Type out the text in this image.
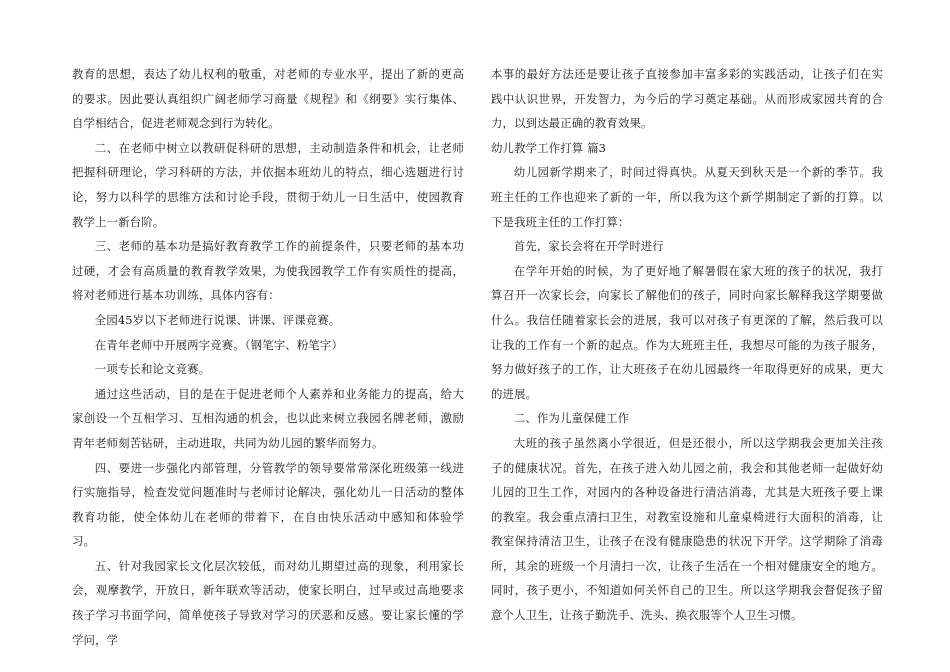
教育的思想，表达了幼儿权利的敬重，对老师的专业水平，提出了新的更高的要求。因此要认真组织广阔老师学习商量《规程》和《纲要》实行集体、自学相结合，促进老师观念到行为转化。

二、在老师中树立以教研促科研的思想，主动制造条件和机会，让老师把握科研理论，学习科研的方法，并依据本班幼儿的特点，细心选题进行讨论，努力以科学的思维方法和讨论手段，贯彻于幼儿一日生活中，使园教育教学上一新台阶。

三、老师的基本功是搞好教育教学工作的前提条件，只要老师的基本功过硬，才会有高质量的教育教学效果，为使我园教学工作有实质性的提高，将对老师进行基本功训练，具体内容有：

全园45岁以下老师进行说课、讲课、评课竞赛。

在青年老师中开展两字竞赛。（钢笔字、粉笔字）

一项专长和论文竞赛。

通过这些活动，目的是在于促进老师个人素养和业务能力的提高，给大家创设一个互相学习、互相沟通的机会，也以此来树立我园名牌老师，激励青年老师刻苦钻研，主动进取，共同为幼儿园的繁华而努力。

四、要进一步强化内部管理，分管教学的领导要常常深化班级第一线进行实施指导，检查发觉问题准时与老师讨论解决，强化幼儿一日活动的整体教育功能，使全体幼儿在老师的带着下，在自由快乐活动中感知和体验学习。

五、针对我园家长文化层次较低，而对幼儿期望过高的现象，利用家长会，观摩教学，开放日，新年联欢等活动，使家长明白，过早或过高地要求孩子学习书面学问，简单使孩子导致对学习的厌恶和反感。要让家长懂的学学问，学

本事的最好方法还是要让孩子直接参加丰富多彩的实践活动，让孩子们在实践中认识世界，开发智力，为今后的学习奠定基础。从而形成家园共育的合力，以到达最正确的教育效果。

幼儿教学工作打算 篇3

幼儿园新学期来了，时间过得真快。从夏天到秋天是一个新的季节。我班主任的工作也迎来了新的一年，所以我为这个新学期制定了新的打算。以下是我班主任的工作打算：

首先，家长会将在开学时进行

在学年开始的时候，为了更好地了解暑假在家大班的孩子的状况，我打算召开一次家长会，向家长了解他们的孩子，同时向家长解释我这学期要做什么。我信任随着家长会的进展，我可以对孩子有更深的了解，然后我可以让我的工作有一个新的起点。作为大班班主任，我想尽可能的为孩子服务，努力做好孩子的工作，让大班孩子在幼儿园最终一年取得更好的成果，更大的进展。

二、作为儿童保健工作

大班的孩子虽然离小学很近，但是还很小，所以这学期我会更加关注孩子的健康状况。首先，在孩子进入幼儿园之前，我会和其他老师一起做好幼儿园的卫生工作，对园内的各种设备进行清洁消毒，尤其是大班孩子要上课的教室。我会重点清扫卫生，对教室设施和儿童桌椅进行大面积的消毒，让教室保持清洁卫生，让孩子在没有健康隐患的状况下开学。这学期除了消毒所，其余的班级一个月清扫一次，让孩子生活在一个相对健康安全的地方。同时，孩子更小，不知道如何关怀自己的卫生。所以这学期我会督促孩子留意个人卫生，让孩子勤洗手、洗头、换衣服等个人卫生习惯。
